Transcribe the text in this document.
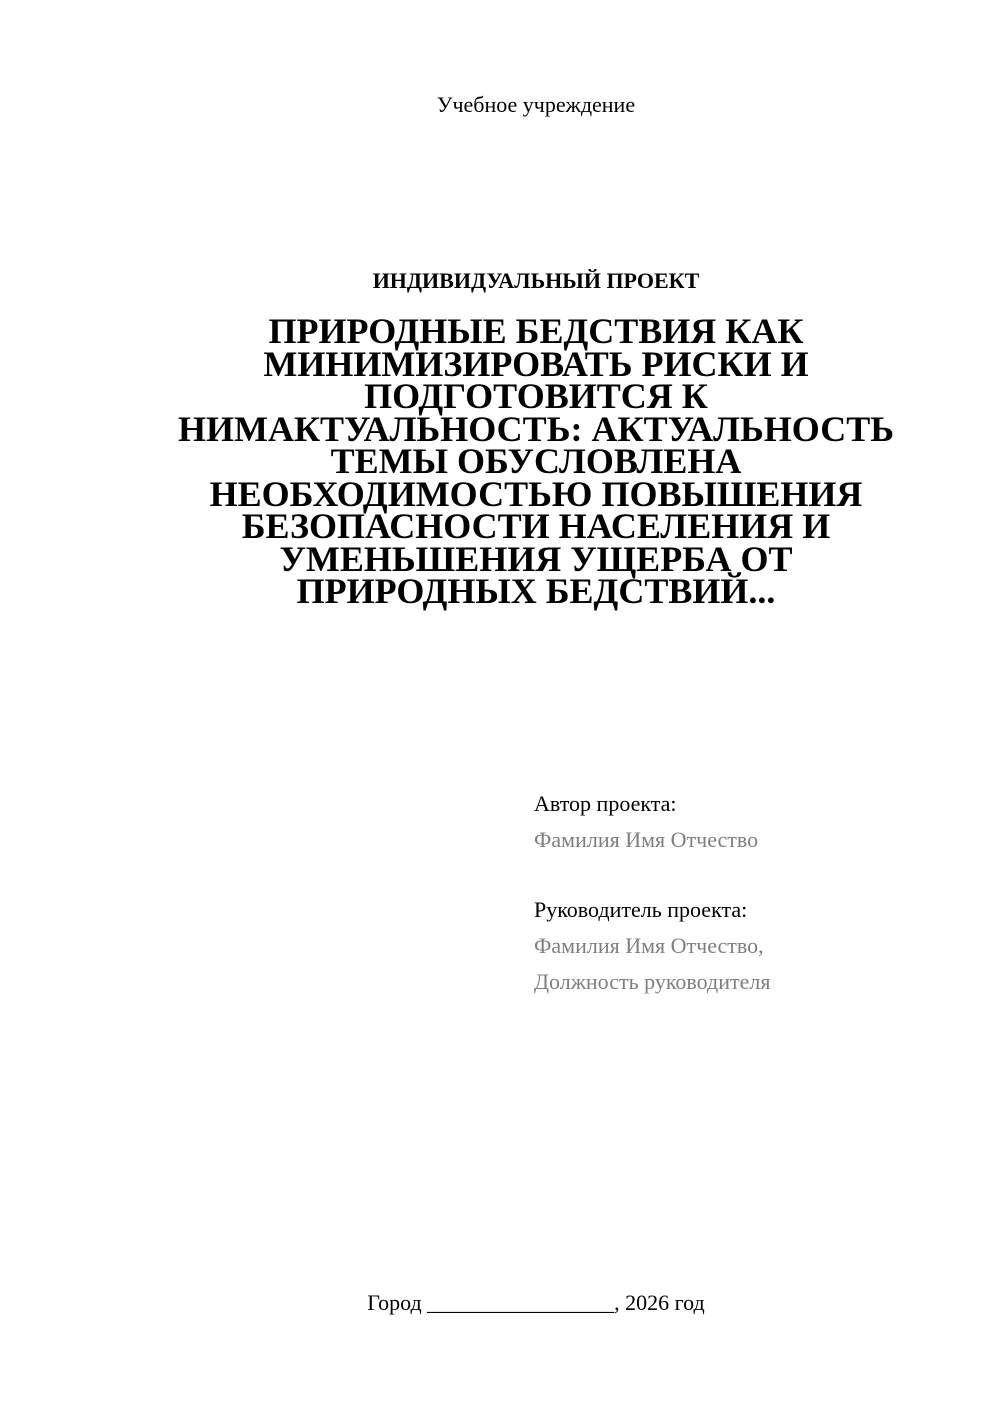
Учебное учреждение
ИНДИВИДУАЛЬНЫЙ ПРОЕКТ
ПРИРОДНЫЕ БЕДСТВИЯ КАК
МИНИМИЗИРОВАТЬ РИСКИ И
ПОДГОТОВИТСЯ К
НИМАКТУАЛЬНОСТЬ: АКТУАЛЬНОСТЬ
ТЕМЫ ОБУСЛОВЛЕНА
НЕОБХОДИМОСТЬЮ ПОВЫШЕНИЯ
БЕЗОПАСНОСТИ НАСЕЛЕНИЯ И
УМЕНЬШЕНИЯ УЩЕРБА ОТ
ПРИРОДНЫХ БЕДСТВИЙ...
Автор проекта:
Фамилия Имя Отчество
Руководитель проекта:
Фамилия Имя Отчество,
Должность руководителя
Город _________________, 2026 год
